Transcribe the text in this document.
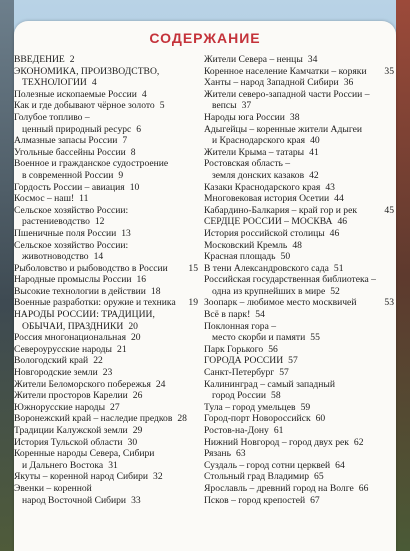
СОДЕРЖАНИЕ
ВВЕДЕНИЕ 2
ЭКОНОМИКА, ПРОИЗВОДСТВО,
ТЕХНОЛОГИИ 4
Полезные ископаемые России 4
Как и где добывают чёрное золото 5
Голубое топливо –
ценный природный ресурс 6
Алмазные запасы России 7
Угольные бассейны России 8
Военное и гражданское судостроение
в современной России 9
Гордость России – авиация 10
Космос – наш! 11
Сельское хозяйство России:
растениеводство 12
Пшеничные поля России 13
Сельское хозяйство России:
животноводство 14
Рыболовство и рыбоводство в России 15
Народные промыслы России 16
Высокие технологии в действии 18
Военные разработки: оружие и техника 19
НАРОДЫ РОССИИ: ТРАДИЦИИ,
ОБЫЧАИ, ПРАЗДНИКИ 20
Россия многонациональная 20
Североурусские народы 21
Вологодский край 22
Новгородские земли 23
Жители Беломорского побережья 24
Жители просторов Карелии 26
Южнорусские народы 27
Воронежский край – наследие предков 28
Традиции Калужской земли 29
История Тульской области 30
Коренные народы Севера, Сибири
и Дальнего Востока 31
Якуты – коренной народ Сибири 32
Эвенки – коренной
народ Восточной Сибири 33
Жители Севера – ненцы 34
Коренное население Камчатки – коряки 35
Ханты – народ Западной Сибири 36
Жители северо-западной части России –
вепсы 37
Народы юга России 38
Адыгейцы – коренные жители Адыгеи
и Краснодарского края 40
Жители Крыма – татары 41
Ростовская область –
земля донских казаков 42
Казаки Краснодарского края 43
Многовековая история Осетии 44
Кабардино-Балкария – край гор и рек	45
СЕРДЦЕ РОССИИ – МОСКВА 46
История российской столицы 46
Московский Кремль 48
Красная площадь 50
В тени Александровского сада 51
Российская государственная библиотека –
одна из крупнейших в мире 52
Зоопарк – любимое место москвичей	53
Всё в парк! 54
Поклонная гора –
место скорби и памяти 55
Парк Горького 56
ГОРОДА РОССИИ 57
Санкт-Петербург 57
Калининград – самый западный
город России 58
Тула – город умельцев 59
Город-порт Новороссийск 60
Ростов-на-Дону 61
Нижний Новгород – город двух рек 62
Рязань 63
Суздаль – город сотни церквей 64
Стольный град Владимир 65
Ярославль – древний город на Волге 66
Псков – город крепостей 67
